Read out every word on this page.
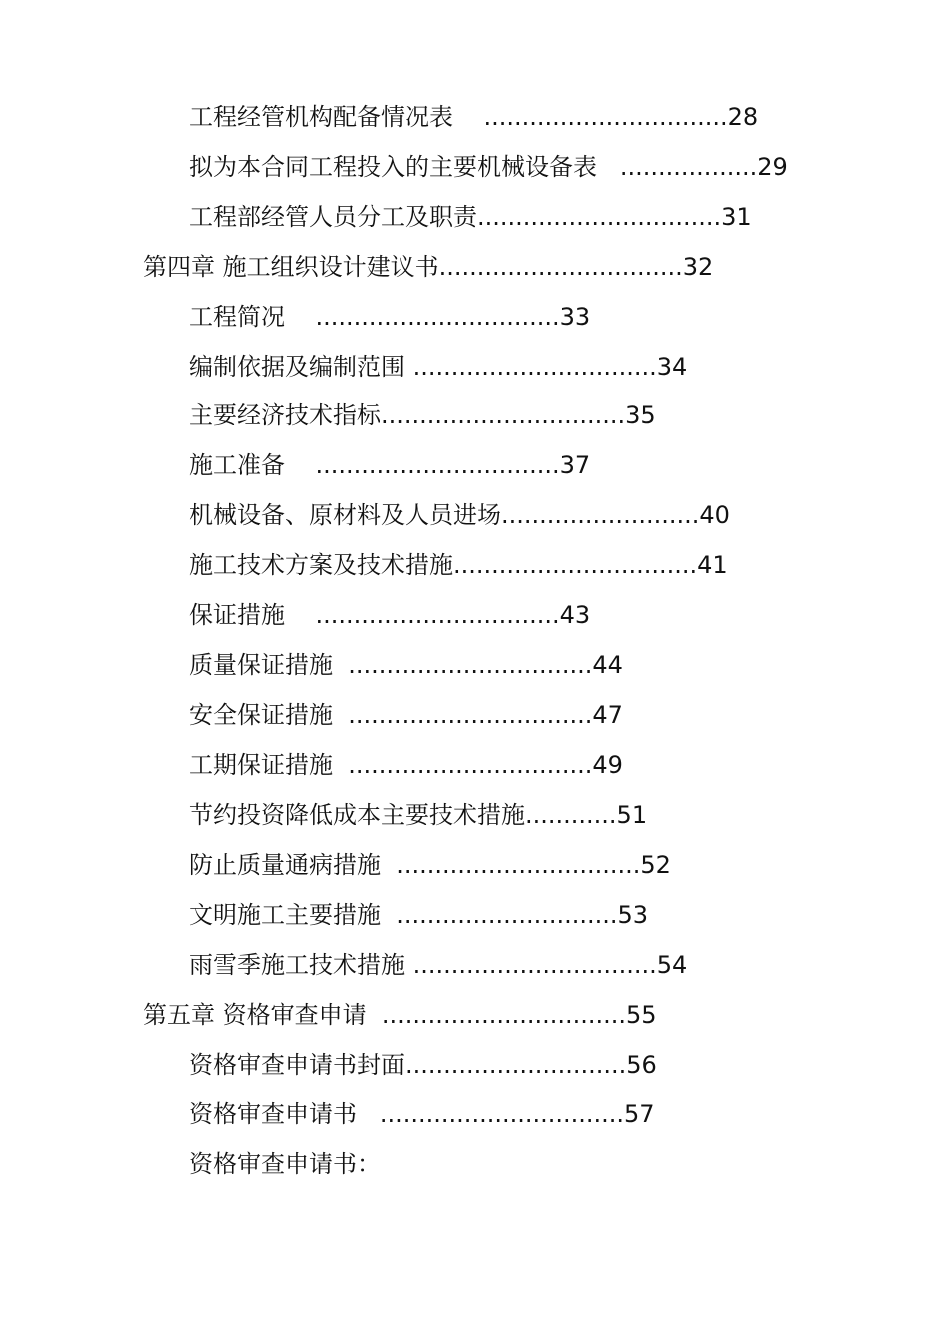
工程经管机构配备情况表 ................................28
拟为本合同工程投入的主要机械设备表 ..................29
工程部经管人员分工及职责................................31
第四章 施工组织设计建议书................................32
工程简况 ................................33
编制依据及编制范围 ................................34
主要经济技术指标................................35
施工准备 ................................37
机械设备、原材料及人员进场..........................40
施工技术方案及技术措施................................41
保证措施 ................................43
质量保证措施 ................................44
安全保证措施 ................................47
工期保证措施 ................................49
节约投资降低成本主要技术措施............51
防止质量通病措施 ................................52
文明施工主要措施 .............................53
雨雪季施工技术措施 ................................54
第五章 资格审查申请 ................................55
资格审查申请书封面.............................56
资格审查申请书 ................................57
资格审查申请书：
